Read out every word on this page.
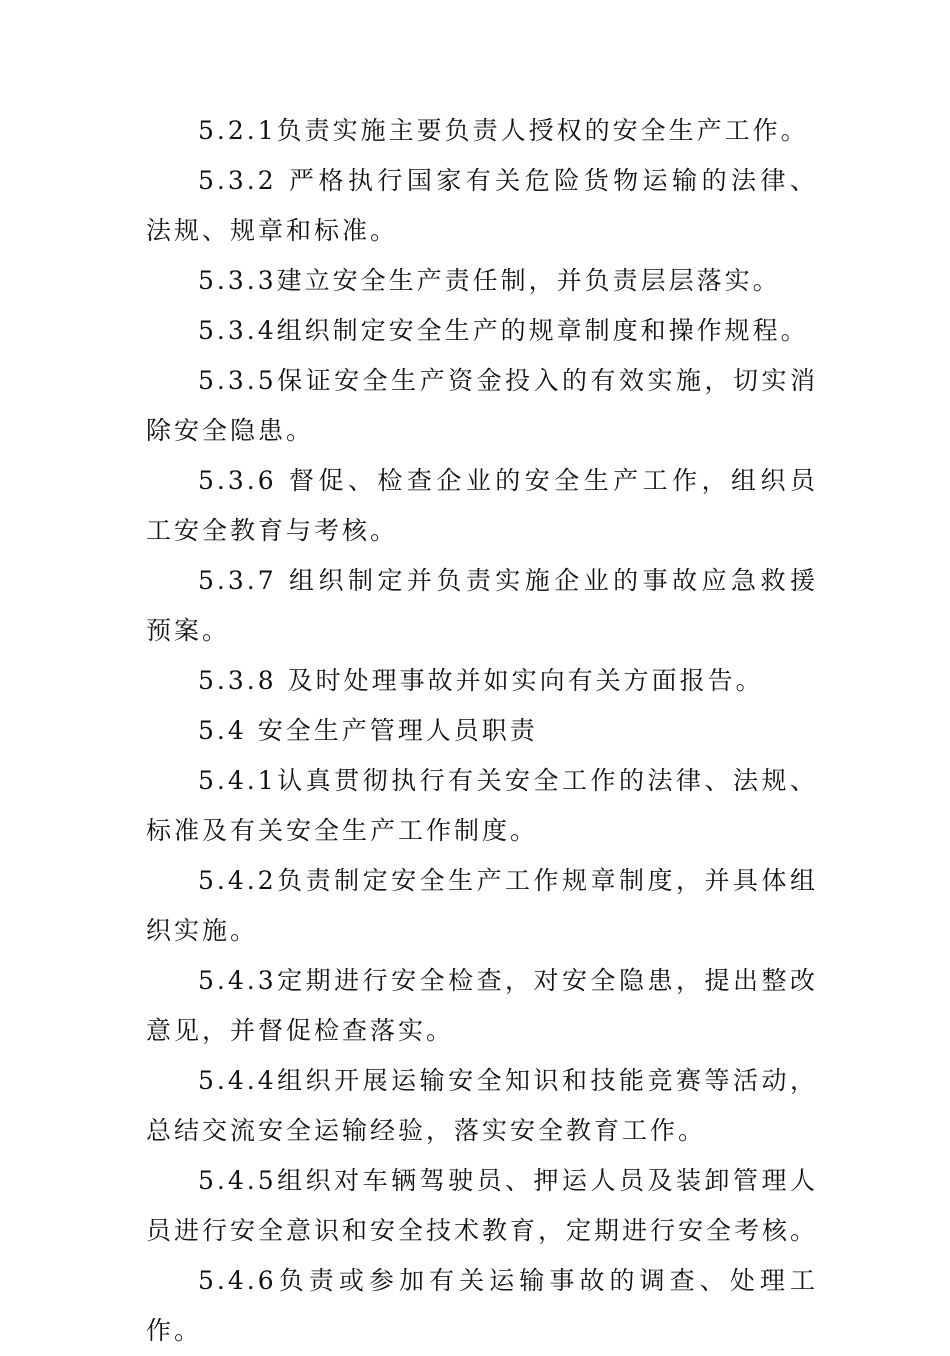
5.2.1负责实施主要负责人授权的安全生产工作。

5.3.2 严格执行国家有关危险货物运输的法律、法规、规章和标准。

5.3.3建立安全生产责任制，并负责层层落实。

5.3.4组织制定安全生产的规章制度和操作规程。

5.3.5保证安全生产资金投入的有效实施，切实消除安全隐患。

5.3.6 督促、检查企业的安全生产工作，组织员工安全教育与考核。

5.3.7 组织制定并负责实施企业的事故应急救援预案。

5.3.8 及时处理事故并如实向有关方面报告。

5.4 安全生产管理人员职责

5.4.1认真贯彻执行有关安全工作的法律、法规、标准及有关安全生产工作制度。

5.4.2负责制定安全生产工作规章制度，并具体组织实施。

5.4.3定期进行安全检查，对安全隐患，提出整改意见，并督促检查落实。

5.4.4组织开展运输安全知识和技能竞赛等活动，总结交流安全运输经验，落实安全教育工作。

5.4.5组织对车辆驾驶员、押运人员及装卸管理人员进行安全意识和安全技术教育，定期进行安全考核。

5.4.6负责或参加有关运输事故的调查、处理工作。
